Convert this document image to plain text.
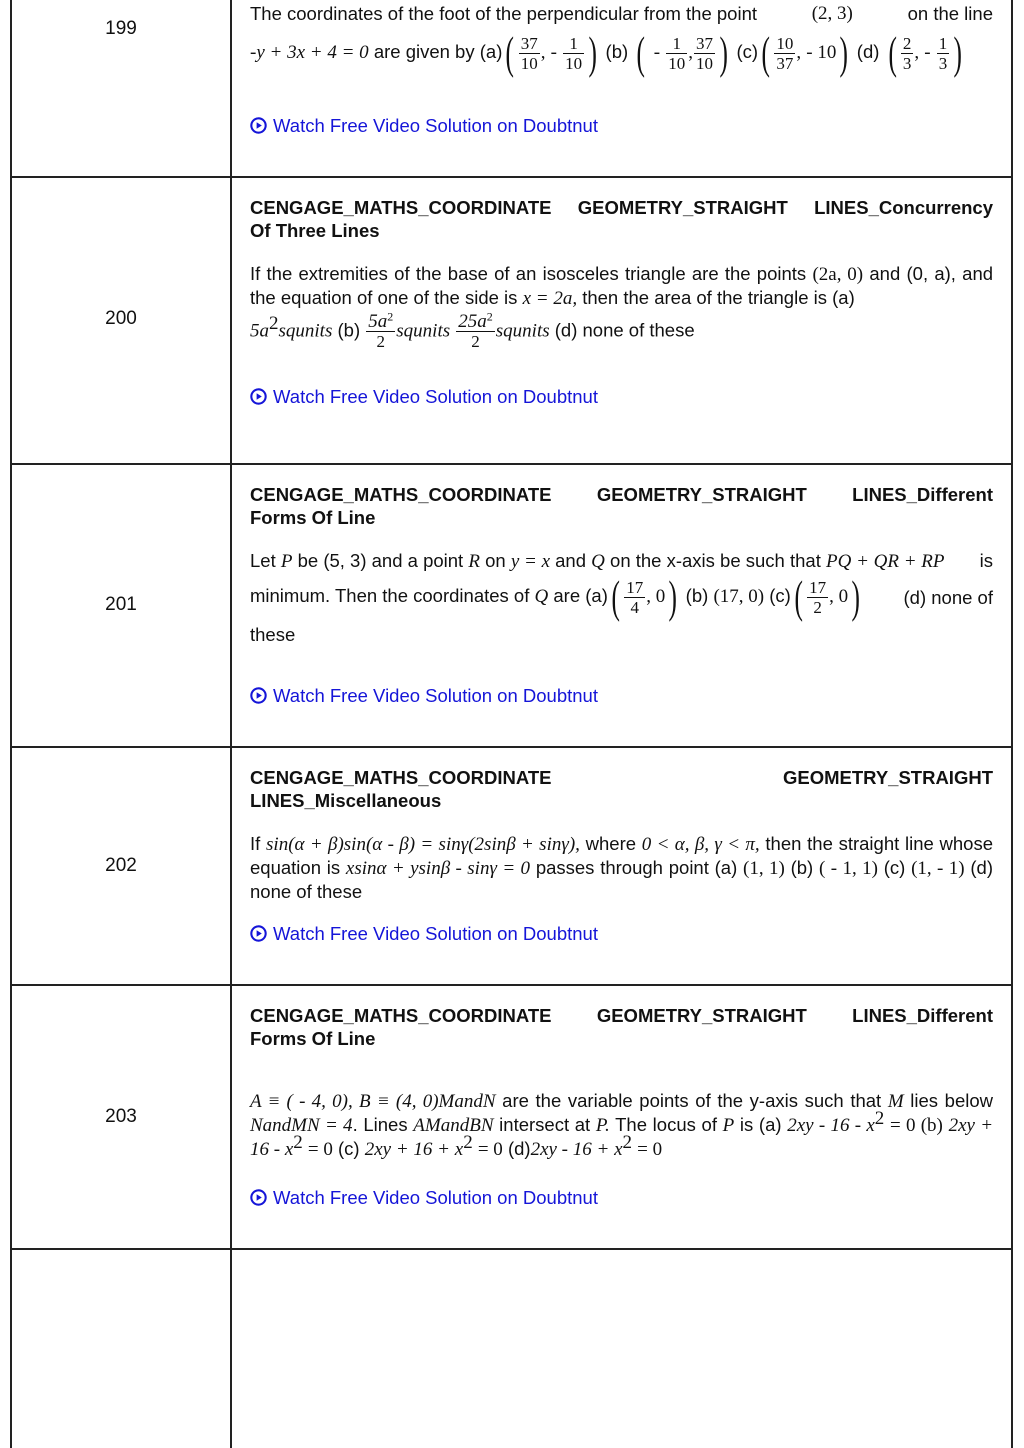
199
The coordinates of the foot of the perpendicular from the point	(2, 3)	on the line
-y + 3x + 4 = 0 are given by $(a)( \frac{37}{10}$ , - $\frac{1}{10}$ ) (b) ( - $\frac{1}{10}$ , $\frac{37}{10}$ ) $(c)( \frac{10}{37}$ , - 10) (d) ( $\frac{2}{3}$ , - $\frac{1}{3}$ )
Watch Free Video Solution on Doubtnut
200
CENGAGE_MATHS_COORDINATE GEOMETRY_STRAIGHT LINES_Concurrency
Of Three Lines
If the extremities of the base of an isosceles triangle are the points (2a, 0) and (0, a), and the equation of one of the side is x = 2a, then the area of the triangle is (a)
$5a^2squnits$ $(b) \frac{5a^2}{2}$ squnits $\frac{25a^2}{2}$ squnits (d) none of these
Watch Free Video Solution on Doubtnut
201
CENGAGE_MATHS_COORDINATE GEOMETRY_STRAIGHT LINES_Different
Forms Of Line
Let P be (5, 3) and a point R on y = x and Q on the x-axis be such that PQ + QR + RP is
minimum. Then the coordinates of Q are $(a)( \frac{17}{4}$ , 0) (b) (17, 0) $(c)( \frac{17}{2}$ , 0) (d) none of
these
Watch Free Video Solution on Doubtnut
202
CENGAGE_MATHS_COORDINATE GEOMETRY_STRAIGHT
LINES_Miscellaneous
If sin(α + β)sin(α - β) = sinγ(2sinβ + sinγ), where 0 < α, β, γ < π, then the straight line whose equation is xsinα + ysinβ - sinγ = 0 passes through point (a) (1, 1) (b) ( - 1, 1) (c) (1, - 1) (d) none of these
Watch Free Video Solution on Doubtnut
203
CENGAGE_MATHS_COORDINATE GEOMETRY_STRAIGHT LINES_Different
Forms Of Line
A ≡ ( - 4, 0), B ≡ (4, 0)MandN are the variable points of the y-axis such that M lies below NandMN = 4. Lines AMandBN intersect at P. The locus of P is (a) $2xy - 16 - x^2 = 0$ (b) $2xy + 16 - x^2 = 0$ (c) $2xy + 16 + x^2 = 0$ $(d)2xy - 16 + x^2 = 0$
Watch Free Video Solution on Doubtnut
